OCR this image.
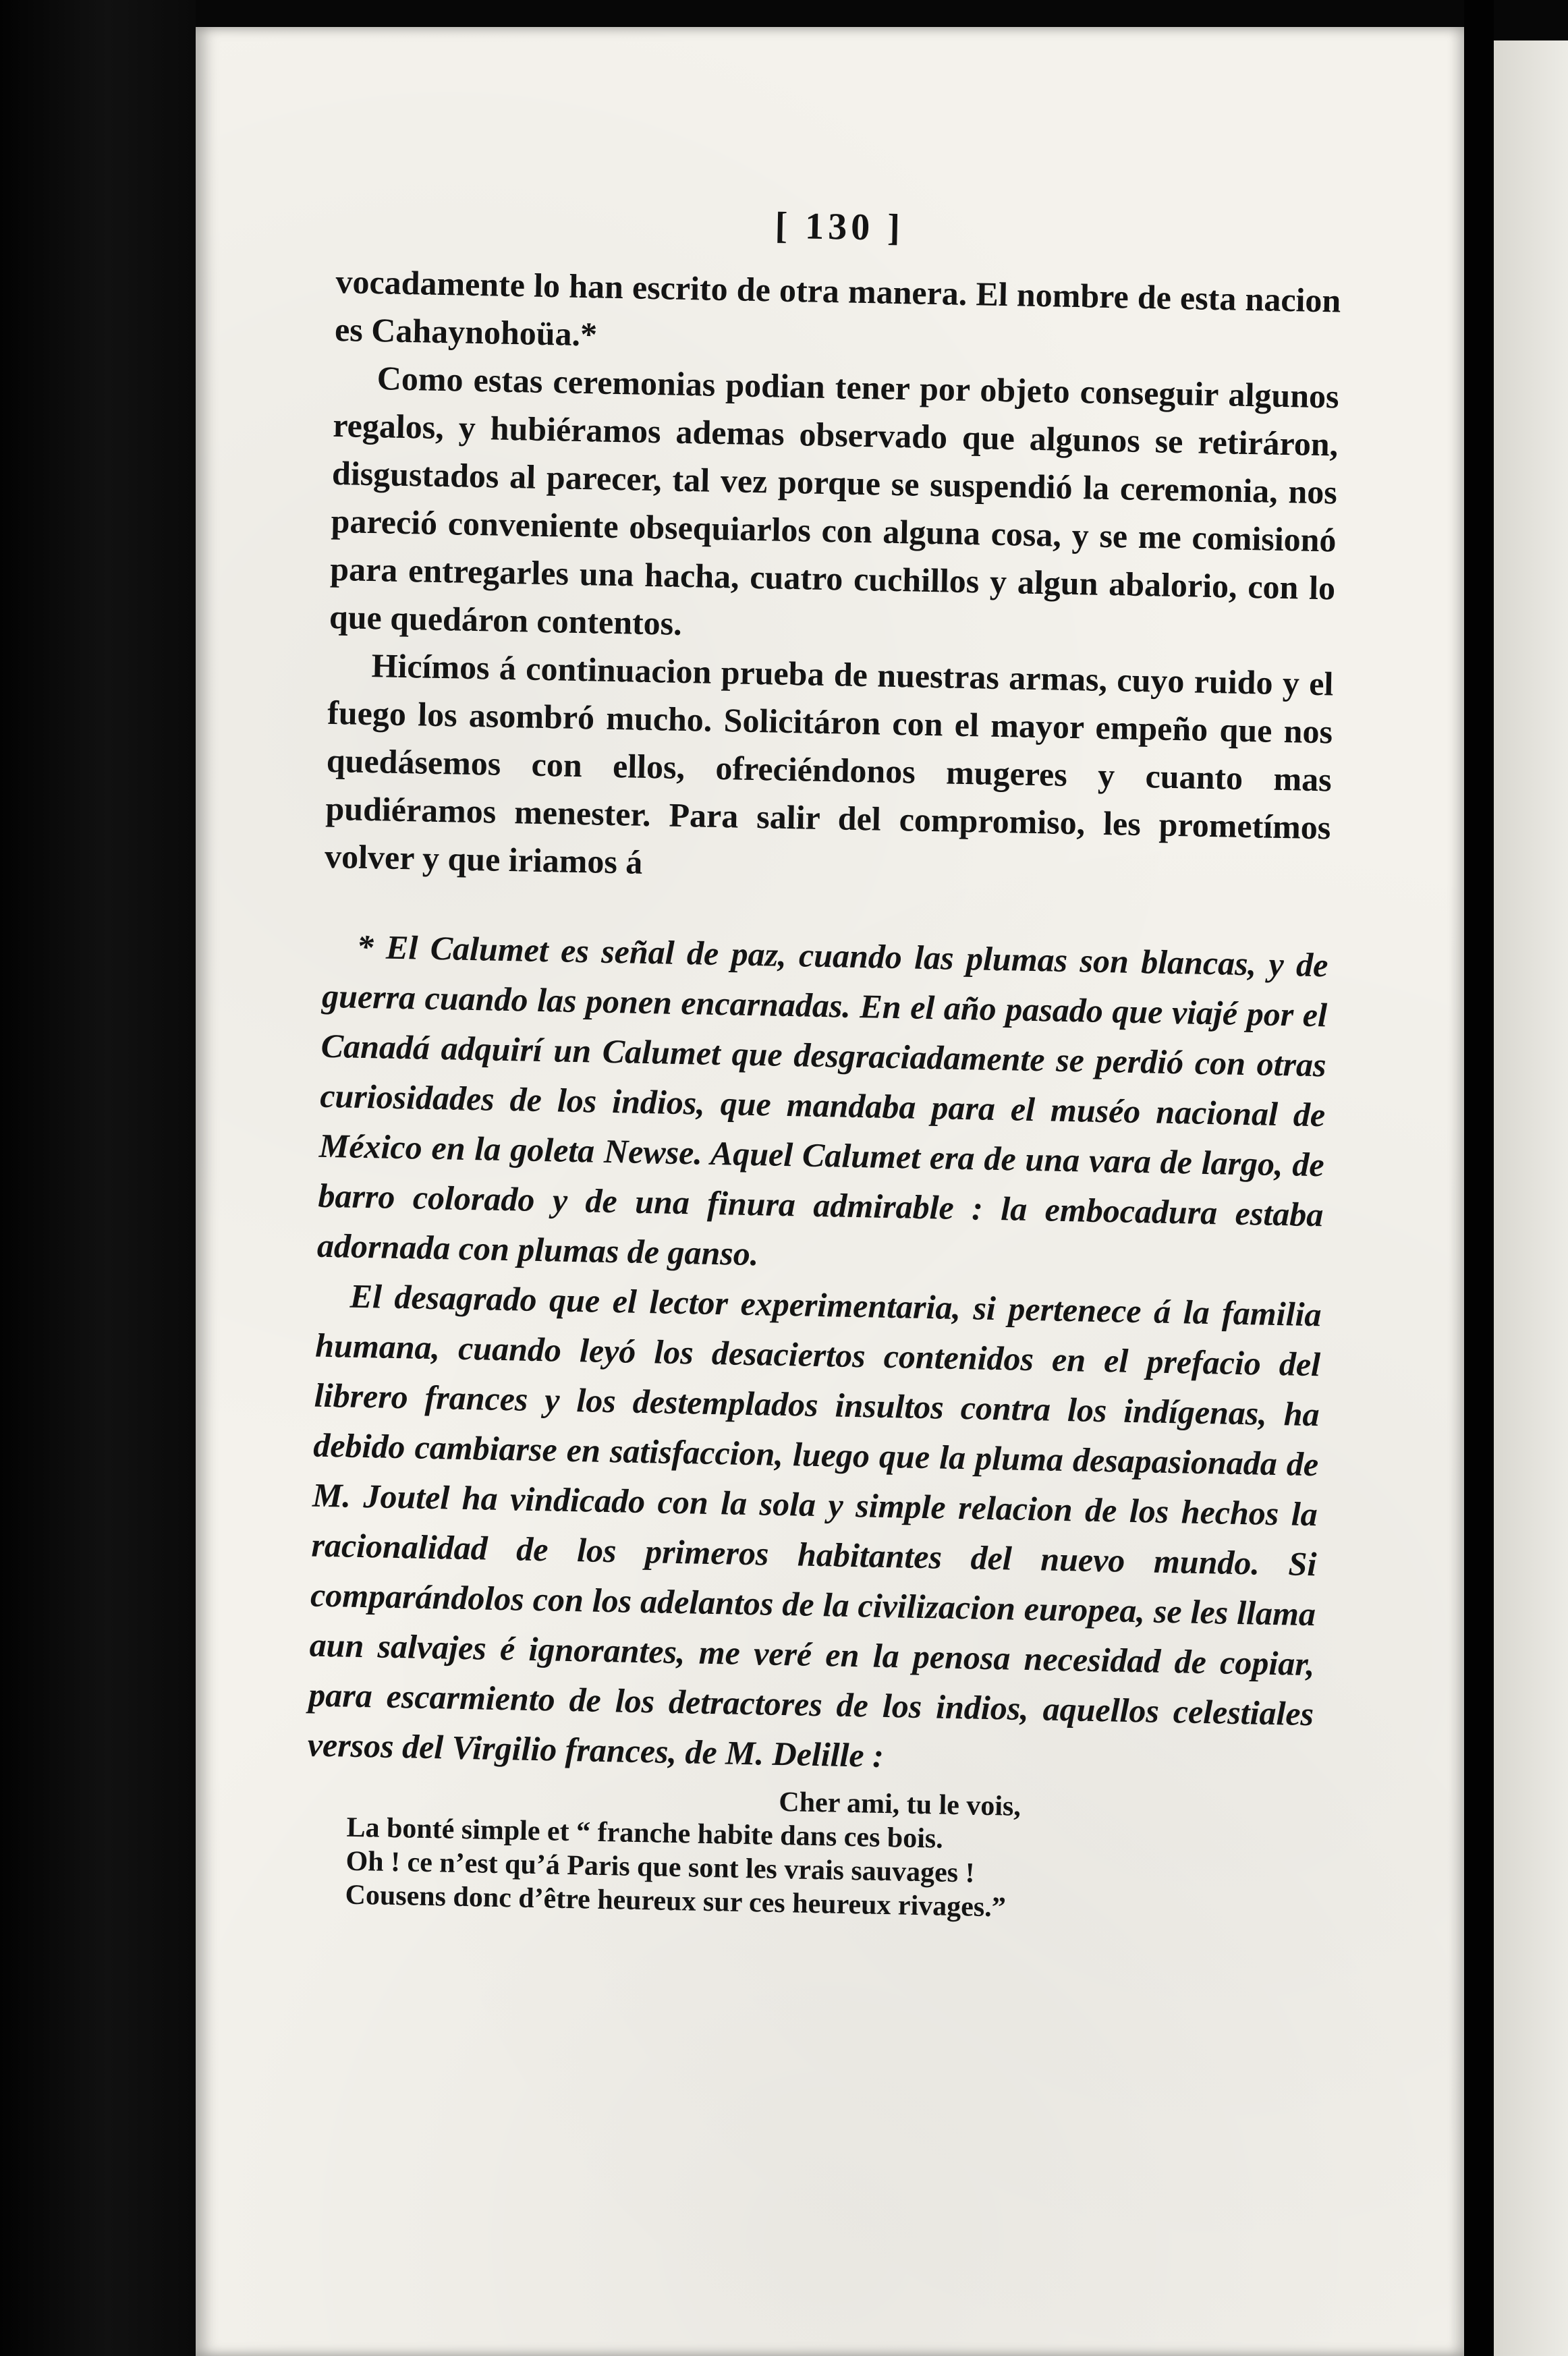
[ 130 ]

vocadamente lo han escrito de otra manera. El nombre de esta nacion es Cahaynohoüa.*

Como estas ceremonias podian tener por objeto conseguir algunos regalos, y hubiéramos ademas observado que algunos se retiráron, disgustados al parecer, tal vez porque se suspendió la ceremonia, nos pareció conveniente obsequiarlos con alguna cosa, y se me comisionó para entregarles una hacha, cuatro cuchillos y algun abalorio, con lo que quedáron contentos.

Hicímos á continuacion prueba de nuestras armas, cuyo ruido y el fuego los asombró mucho. Solicitáron con el mayor empeño que nos quedásemos con ellos, ofreciéndonos mugeres y cuanto mas pudiéramos menester. Para salir del compromiso, les prometímos volver y que iriamos á

* El Calumet es señal de paz, cuando las plumas son blancas, y de guerra cuando las ponen encarnadas. En el año pasado que viajé por el Canadá adquirí un Calumet que desgraciadamente se perdió con otras curiosidades de los indios, que mandaba para el muséo nacional de México en la goleta Newse. Aquel Calumet era de una vara de largo, de barro colorado y de una finura admirable : la embocadura estaba adornada con plumas de ganso.

El desagrado que el lector experimentaria, si pertenece á la familia humana, cuando leyó los desaciertos contenidos en el prefacio del librero frances y los destemplados insultos contra los indígenas, ha debido cambiarse en satisfaccion, luego que la pluma desapasionada de M. Joutel ha vindicado con la sola y simple relacion de los hechos la racionalidad de los primeros habitantes del nuevo mundo. Si comparándolos con los adelantos de la civilizacion europea, se les llama aun salvajes é ignorantes, me veré en la penosa necesidad de copiar, para escarmiento de los detractores de los indios, aquellos celestiales versos del Virgilio frances, de M. Delille :

Cher ami, tu le vois,
La bonté simple et “ franche habite dans ces bois.
Oh ! ce n’est qu’á Paris que sont les vrais sauvages !
Cousens donc d’être heureux sur ces heureux rivages.”
